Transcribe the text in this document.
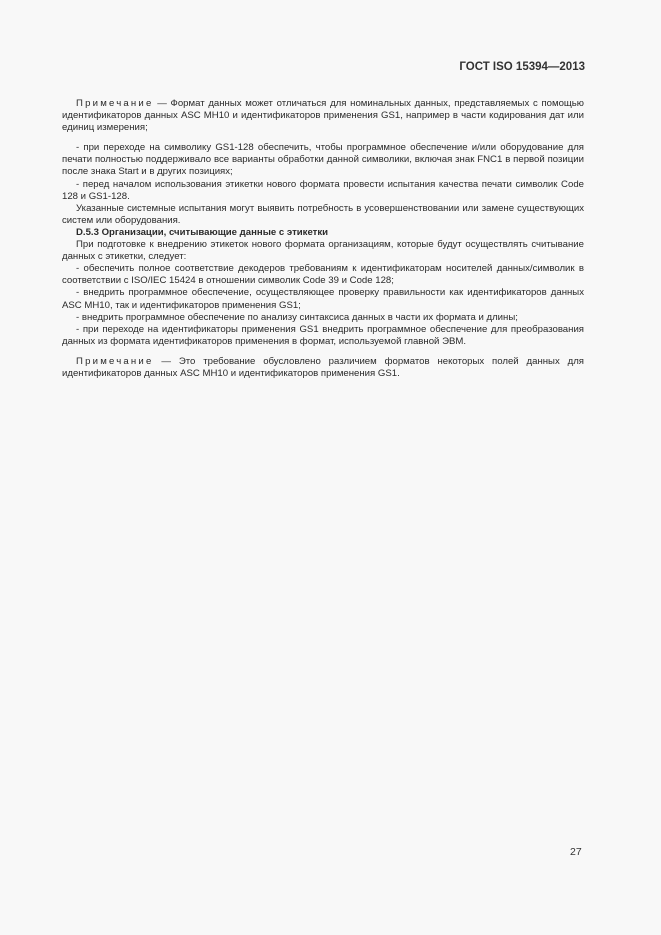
ГОСТ ISO 15394—2013

Примечание — Формат данных может отличаться для номинальных данных, представляемых с помощью идентификаторов данных ASC MH10 и идентификаторов применения GS1, например в части кодирования дат или единиц измерения;

- при переходе на символику GS1-128 обеспечить, чтобы программное обеспечение и/или оборудование для печати полностью поддерживало все варианты обработки данной символики, включая знак FNC1 в первой позиции после знака Start и в других позициях;

- перед началом использования этикетки нового формата провести испытания качества печати символик Code 128 и GS1-128.

Указанные системные испытания могут выявить потребность в усовершенствовании или замене существующих систем или оборудования.

D.5.3 Организации, считывающие данные с этикетки

При подготовке к внедрению этикеток нового формата организациям, которые будут осуществлять считывание данных с этикетки, следует:

- обеспечить полное соответствие декодеров требованиям к идентификаторам носителей данных/символик в соответствии с ISO/IEC 15424 в отношении символик Code 39 и Code 128;

- внедрить программное обеспечение, осуществляющее проверку правильности как идентификаторов данных ASC MH10, так и идентификаторов применения GS1;

- внедрить программное обеспечение по анализу синтаксиса данных в части их формата и длины;

- при переходе на идентификаторы применения GS1 внедрить программное обеспечение для преобразования данных из формата идентификаторов применения в формат, используемой главной ЭВМ.

Примечание — Это требование обусловлено различием форматов некоторых полей данных для идентификаторов данных ASC MH10 и идентификаторов применения GS1.

27
